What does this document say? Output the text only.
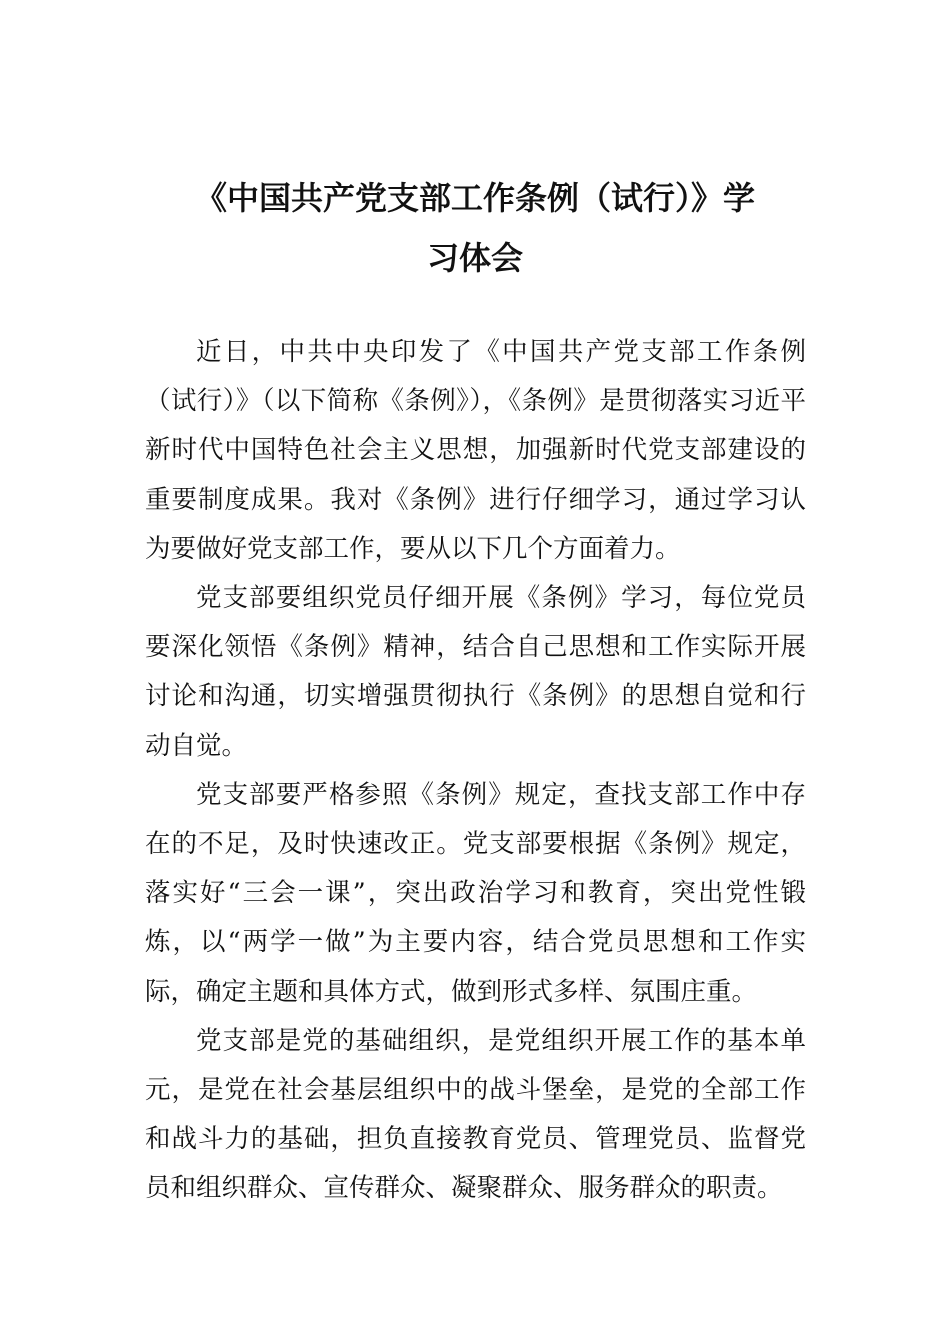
《中国共产党支部工作条例（试行）》学
习体会

近日，中共中央印发了《中国共产党支部工作条例（试行）》（以下简称《条例》），《条例》是贯彻落实习近平新时代中国特色社会主义思想，加强新时代党支部建设的重要制度成果。我对《条例》进行仔细学习，通过学习认为要做好党支部工作，要从以下几个方面着力。

党支部要组织党员仔细开展《条例》学习，每位党员要深化领悟《条例》精神，结合自己思想和工作实际开展讨论和沟通，切实增强贯彻执行《条例》的思想自觉和行动自觉。

党支部要严格参照《条例》规定，查找支部工作中存在的不足，及时快速改正。党支部要根据《条例》规定，落实好“三会一课”，突出政治学习和教育，突出党性锻炼，以“两学一做”为主要内容，结合党员思想和工作实际，确定主题和具体方式，做到形式多样、氛围庄重。

党支部是党的基础组织，是党组织开展工作的基本单元，是党在社会基层组织中的战斗堡垒，是党的全部工作和战斗力的基础，担负直接教育党员、管理党员、监督党员和组织群众、宣传群众、凝聚群众、服务群众的职责。
